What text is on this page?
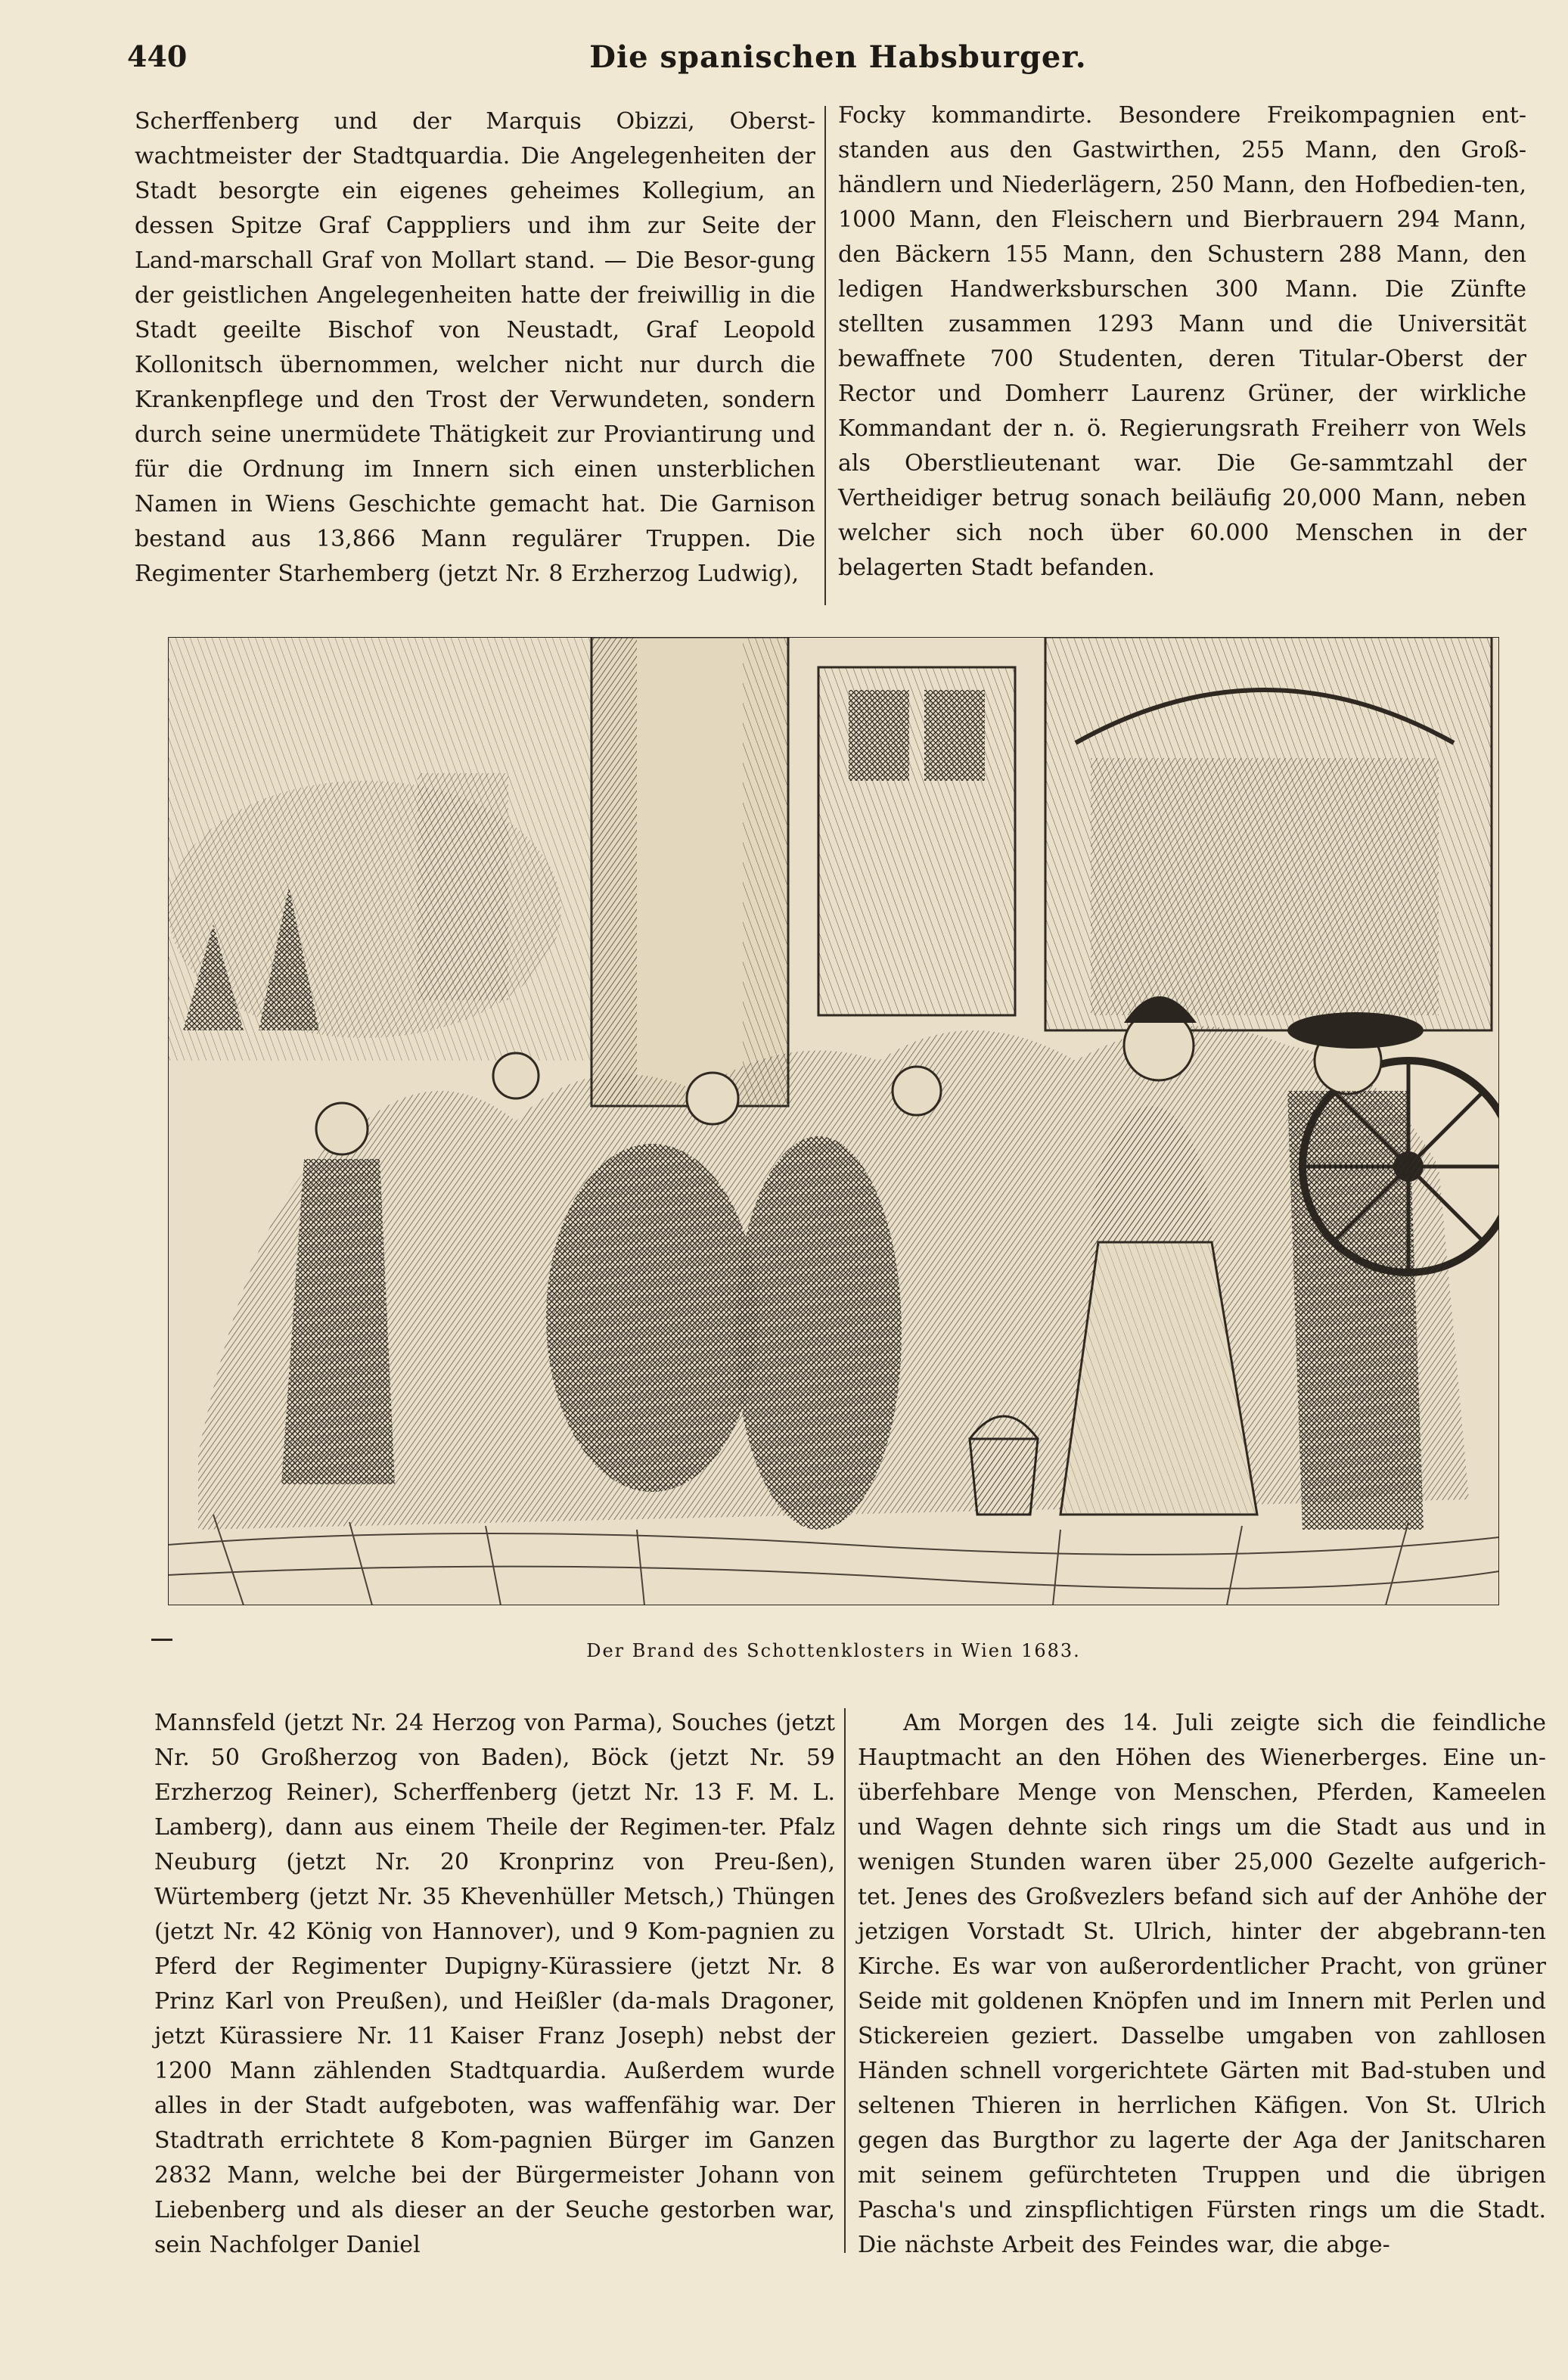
440	Die spanischen Habsburger.

Scherffenberg und der Marquis Obizzi, Oberst-wachtmeister der Stadtquardia. Die Angelegenheiten der Stadt besorgte ein eigenes geheimes Kollegium, an dessen Spitze Graf Capppliers und ihm zur Seite der Land-marschall Graf von Mollart stand. — Die Besor-gung der geistlichen Angelegenheiten hatte der freiwillig in die Stadt geeilte Bischof von Neustadt, Graf Leopold Kollonitsch übernommen, welcher nicht nur durch die Krankenpflege und den Trost der Verwundeten, sondern durch seine unermüdete Thätigkeit zur Proviantirung und für die Ordnung im Innern sich einen unsterblichen Namen in Wiens Geschichte gemacht hat. Die Garnison bestand aus 13,866 Mann regulärer Truppen. Die Regimenter Starhemberg (jetzt Nr. 8 Erzherzog Ludwig),

Focky kommandirte. Besondere Freikompagnien ent-standen aus den Gastwirthen, 255 Mann, den Groß-händlern und Niederlägern, 250 Mann, den Hofbedien-ten, 1000 Mann, den Fleischern und Bierbrauern 294 Mann, den Bäckern 155 Mann, den Schustern 288 Mann, den ledigen Handwerksburschen 300 Mann. Die Zünfte stellten zusammen 1293 Mann und die Universität bewaffnete 700 Studenten, deren Titular-Oberst der Rector und Domherr Laurenz Grüner, der wirkliche Kommandant der n. ö. Regierungsrath Freiherr von Wels als Oberstlieutenant war. Die Ge-sammtzahl der Vertheidiger betrug sonach beiläufig 20,000 Mann, neben welcher sich noch über 60.000 Menschen in der belagerten Stadt befanden.

Der Brand des Schottenklosters in Wien 1683.

Mannsfeld (jetzt Nr. 24 Herzog von Parma), Souches (jetzt Nr. 50 Großherzog von Baden), Böck (jetzt Nr. 59 Erzherzog Reiner), Scherffenberg (jetzt Nr. 13 F. M. L. Lamberg), dann aus einem Theile der Regimen-ter. Pfalz Neuburg (jetzt Nr. 20 Kronprinz von Preu-ßen), Würtemberg (jetzt Nr. 35 Khevenhüller Metsch,) Thüngen (jetzt Nr. 42 König von Hannover), und 9 Kom-pagnien zu Pferd der Regimenter Dupigny-Kürassiere (jetzt Nr. 8 Prinz Karl von Preußen), und Heißler (da-mals Dragoner, jetzt Kürassiere Nr. 11 Kaiser Franz Joseph) nebst der 1200 Mann zählenden Stadtquardia. Außerdem wurde alles in der Stadt aufgeboten, was waffenfähig war. Der Stadtrath errichtete 8 Kom-pagnien Bürger im Ganzen 2832 Mann, welche bei der Bürgermeister Johann von Liebenberg und als dieser an der Seuche gestorben war, sein Nachfolger Daniel

Am Morgen des 14. Juli zeigte sich die feindliche Hauptmacht an den Höhen des Wienerberges. Eine un-überfehbare Menge von Menschen, Pferden, Kameelen und Wagen dehnte sich rings um die Stadt aus und in wenigen Stunden waren über 25,000 Gezelte aufgerich-tet. Jenes des Großvezlers befand sich auf der Anhöhe der jetzigen Vorstadt St. Ulrich, hinter der abgebrann-ten Kirche. Es war von außerordentlicher Pracht, von grüner Seide mit goldenen Knöpfen und im Innern mit Perlen und Stickereien geziert. Dasselbe umgaben von zahllosen Händen schnell vorgerichtete Gärten mit Bad-stuben und seltenen Thieren in herrlichen Käfigen. Von St. Ulrich gegen das Burgthor zu lagerte der Aga der Janitscharen mit seinem gefürchteten Truppen und die übrigen Pascha's und zinspflichtigen Fürsten rings um die Stadt. Die nächste Arbeit des Feindes war, die abge-
